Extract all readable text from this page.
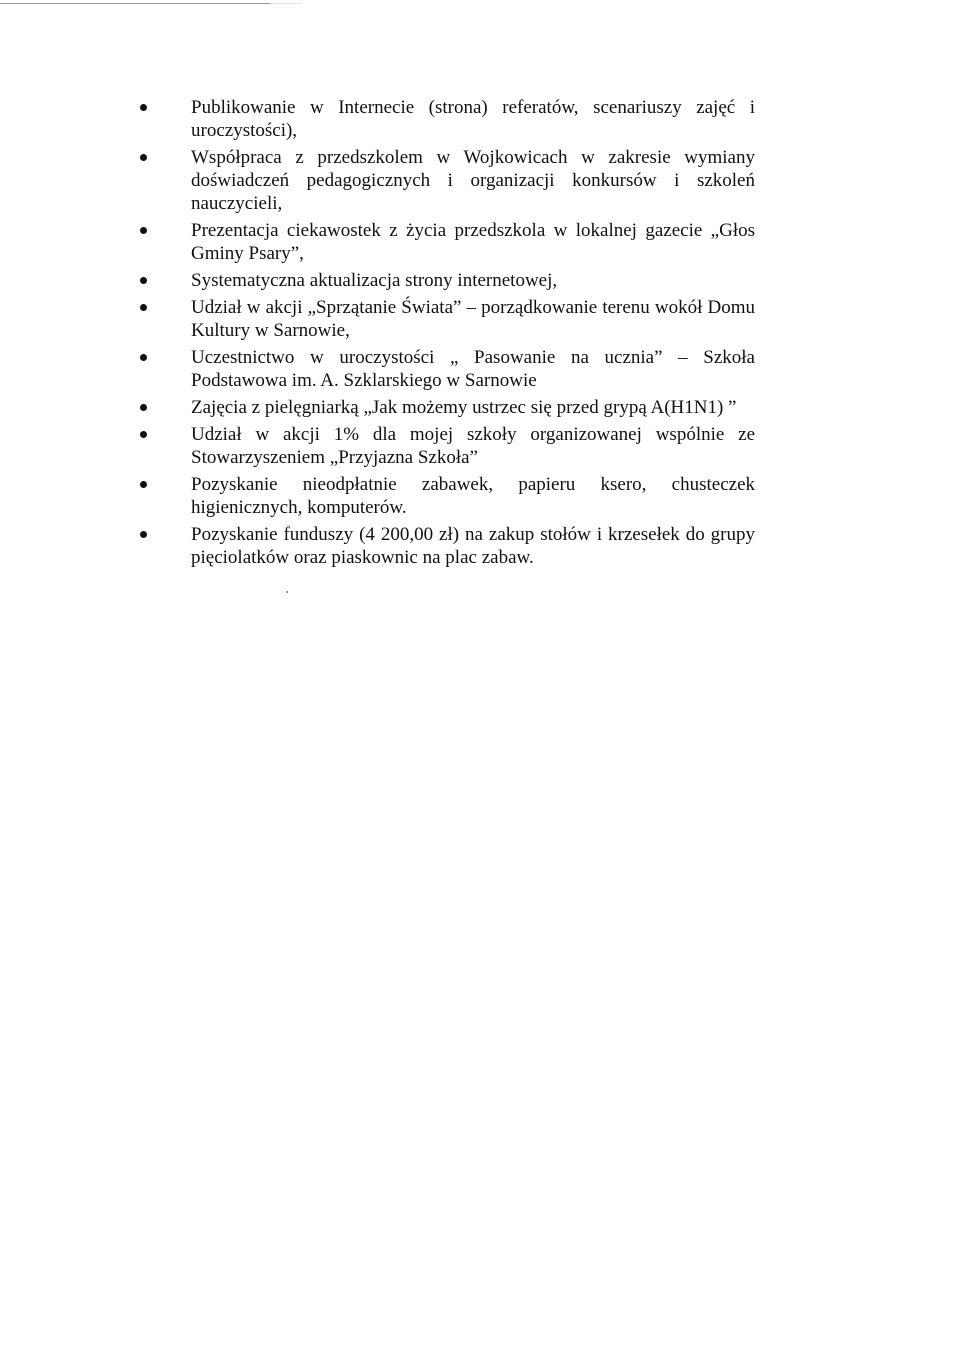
Publikowanie w Internecie (strona) referatów, scenariuszy zajęć i uroczystości),
Współpraca z przedszkolem w Wojkowicach w zakresie wymiany doświadczeń pedagogicznych i organizacji konkursów i szkoleń nauczycieli,
Prezentacja ciekawostek z życia przedszkola w lokalnej gazecie „Głos Gminy Psary”,
Systematyczna aktualizacja strony internetowej,
Udział w akcji „Sprzątanie Świata” – porządkowanie terenu wokół Domu Kultury w Sarnowie,
Uczestnictwo w uroczystości „ Pasowanie na ucznia” – Szkoła Podstawowa im. A. Szklarskiego w Sarnowie
Zajęcia z pielęgniarką „Jak możemy ustrzec się przed grypą A(H1N1) ”
Udział w akcji 1% dla mojej szkoły organizowanej wspólnie ze Stowarzyszeniem „Przyjazna Szkoła”
Pozyskanie nieodpłatnie zabawek, papieru ksero, chusteczek higienicznych, komputerów.
Pozyskanie funduszy (4 200,00 zł) na zakup stołów i krzesełek do grupy pięciolatków oraz piaskownic na plac zabaw.
